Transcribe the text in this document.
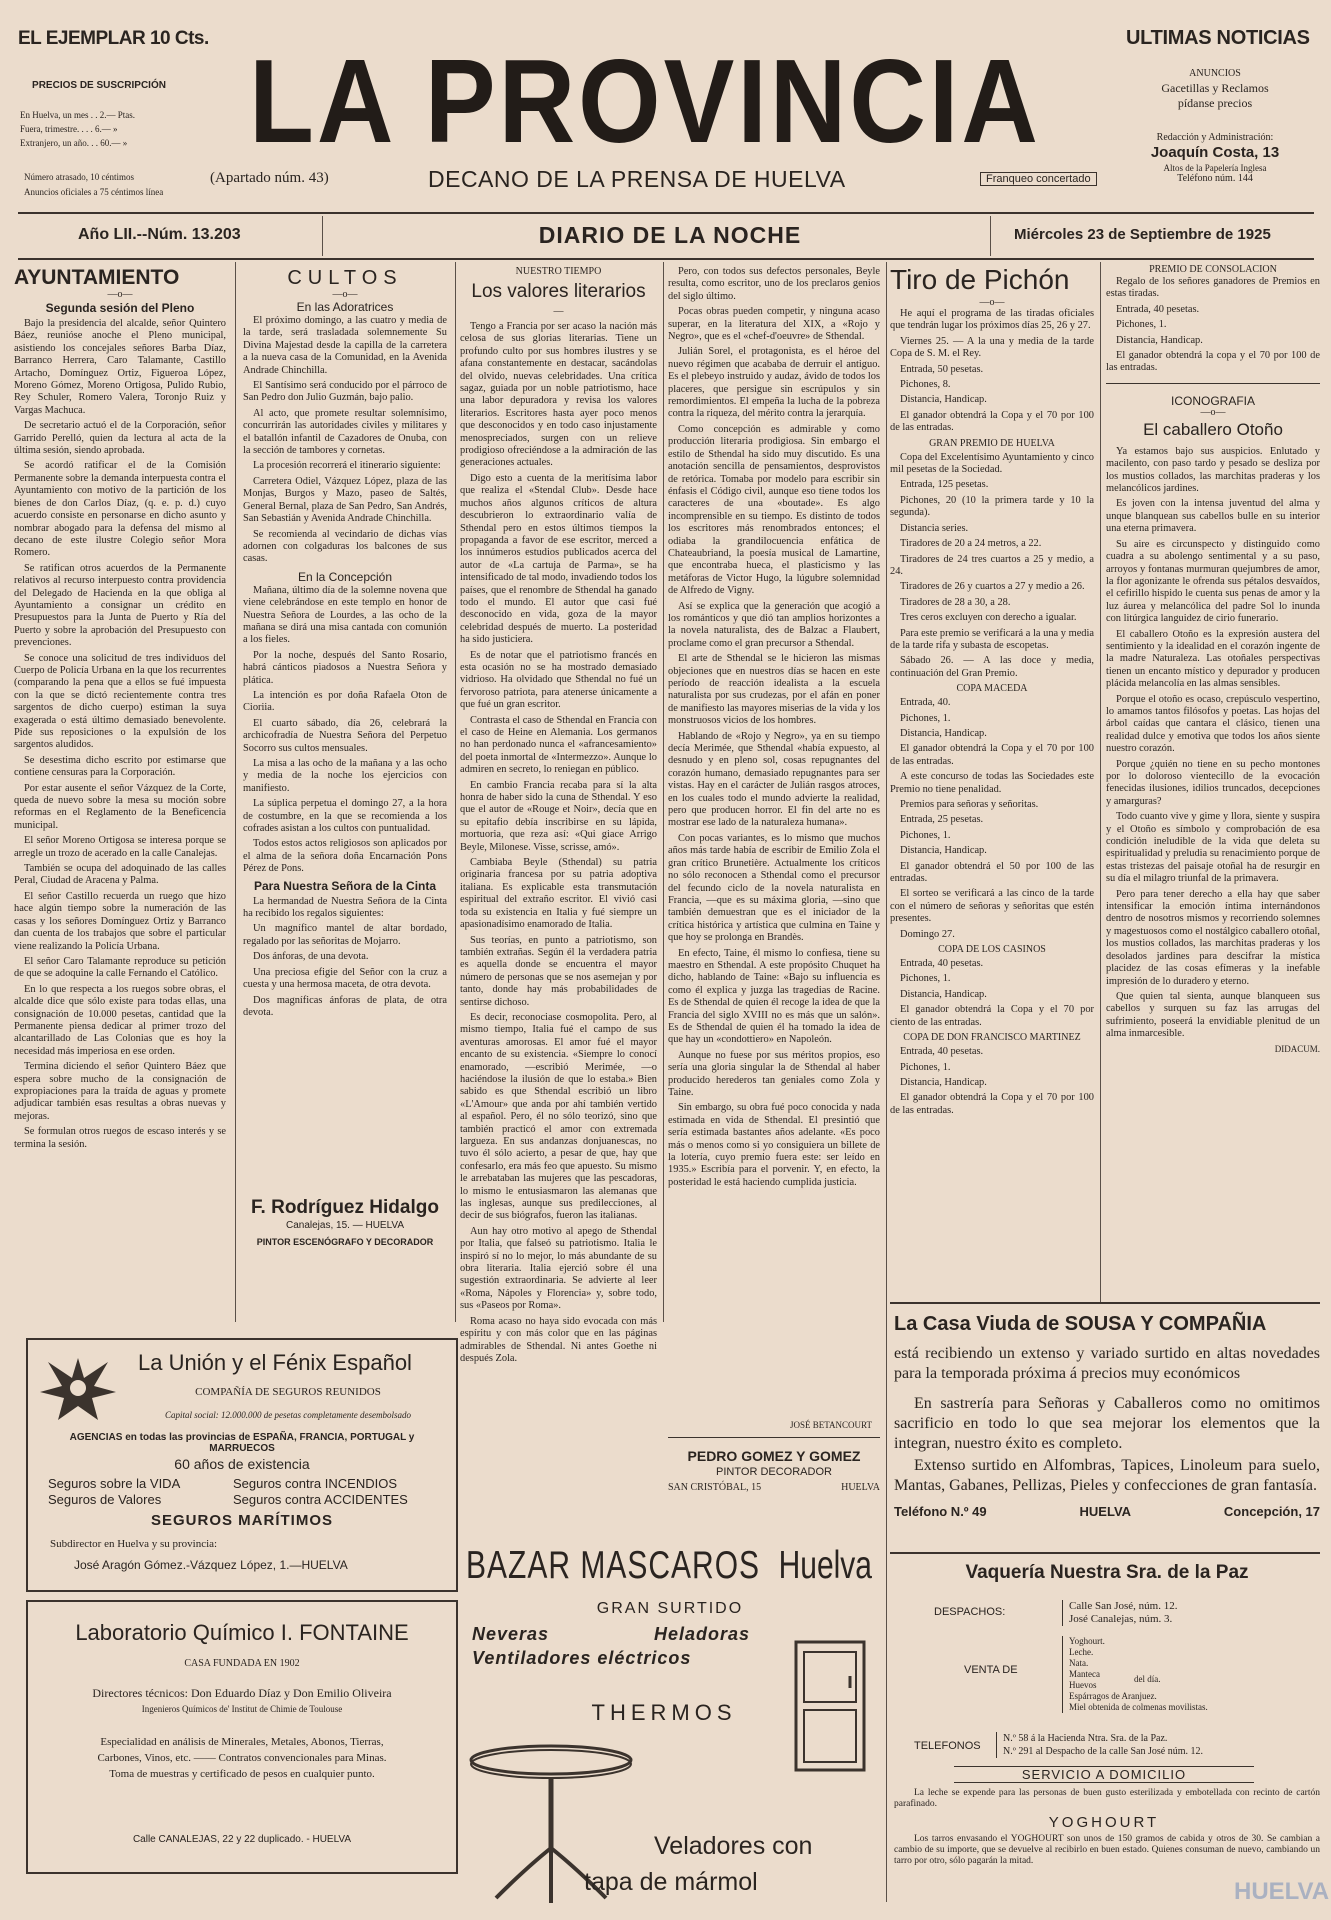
EL EJEMPLAR 10 Cts.
PRECIOS DE SUSCRIPCIÓN
En Huelva, un mes . . 2.— Ptas.
Fuera, trimestre. . . . 6.— »
Extranjero, un año. . . 60.— »
Número atrasado, 10 céntimos
Anuncios oficiales a 75 céntimos línea
LA PROVINCIA
(Apartado núm. 43)	DECANO DE LA PRENSA DE HUELVA	Franqueo concertado
ULTIMAS NOTICIAS
ANUNCIOS
Gacetillas y Reclamos
pídanse precios
Redacción y Administración:
Joaquín Costa, 13
Altos de la Papelería Inglesa
Teléfono núm. 144
Año LII.--Núm. 13.203	DIARIO DE LA NOCHE	Miércoles 23 de Septiembre de 1925
AYUNTAMIENTO
—o—
Segunda sesión del Pleno

Bajo la presidencia del alcalde, señor Quintero Báez, reunióse anoche el Pleno municipal, asistiendo los concejales señores Barba Díaz, Barranco Herrera, Caro Talamante, Castillo Artacho, Domínguez Ortiz, Figueroa López, Moreno Gómez, Moreno Ortigosa, Pulido Rubio, Rey Schuler, Romero Valera, Toronjo Ruiz y Vargas Machuca.

De secretario actuó el de la Corporación, señor Garrido Perelló, quien da lectura al acta de la última sesión, siendo aprobada.

Se acordó ratificar el de la Comisión Permanente sobre la demanda interpuesta contra el Ayuntamiento con motivo de la partición de los bienes de don Carlos Díaz, (q. e. p. d.) cuyo acuerdo consiste en personarse en dicho asunto y nombrar abogado para la defensa del mismo al decano de este ilustre Colegio señor Mora Romero.

Se ratifican otros acuerdos de la Permanente relativos al recurso interpuesto contra providencia del Delegado de Hacienda en la que obliga al Ayuntamiento a consignar un crédito en Presupuestos para la Junta de Puerto y Ría del Puerto y sobre la aprobación del Presupuesto con prevenciones.

Se conoce una solicitud de tres individuos del Cuerpo de Policía Urbana en la que los recurrentes (comparando la pena que a ellos se fué impuesta con la que se dictó recientemente contra tres sargentos de dicho cuerpo) estiman la suya exagerada o está último demasiado benevolente. Pide sus reposiciones o la expulsión de los sargentos aludidos.

Se desestima dicho escrito por estimarse que contiene censuras para la Corporación.

Por estar ausente el señor Vázquez de la Corte, queda de nuevo sobre la mesa su moción sobre reformas en el Reglamento de la Beneficencia municipal.

El señor Moreno Ortigosa se interesa porque se arregle un trozo de acerado en la calle Canalejas.

También se ocupa del adoquinado de las calles Peral, Ciudad de Aracena y Palma.

El señor Castillo recuerda un ruego que hizo hace algún tiempo sobre la numeración de las casas y los señores Domínguez Ortiz y Barranco dan cuenta de los trabajos que sobre el particular viene realizando la Policía Urbana.

El señor Caro Talamante reproduce su petición de que se adoquine la calle Fernando el Católico.

En lo que respecta a los ruegos sobre obras, el alcalde dice que sólo existe para todas ellas, una consignación de 10.000 pesetas, cantidad que la Permanente piensa dedicar al primer trozo del alcantarillado de Las Colonias que es hoy la necesidad más imperiosa en ese orden.

Termina diciendo el señor Quintero Báez que espera sobre mucho de la consignación de expropiaciones para la traída de aguas y promete adjudicar también esas resultas a obras nuevas y mejoras.

Se formulan otros ruegos de escaso interés y se termina la sesión.

CULTOS
—o—
En las Adoratrices

El próximo domingo, a las cuatro y media de la tarde, será trasladada solemnemente Su Divina Majestad desde la capilla de la carretera a la nueva casa de la Comunidad, en la Avenida Andrade Chinchilla.

El Santísimo será conducido por el párroco de San Pedro don Julio Guzmán, bajo palio.

Al acto, que promete resultar solemnísimo, concurrirán las autoridades civiles y militares y el batallón infantil de Cazadores de Onuba, con la sección de tambores y cornetas.

La procesión recorrerá el itinerario siguiente:

Carretera Odiel, Vázquez López, plaza de las Monjas, Burgos y Mazo, paseo de Saltés, General Bernal, plaza de San Pedro, San Andrés, San Sebastián y Avenida Andrade Chinchilla.

Se recomienda al vecindario de dichas vías adornen con colgaduras los balcones de sus casas.

En la Concepción

Mañana, último día de la solemne novena que viene celebrándose en este templo en honor de Nuestra Señora de Lourdes, a las ocho de la mañana se dirá una misa cantada con comunión a los fieles.

Por la noche, después del Santo Rosario, habrá cánticos piadosos a Nuestra Señora y plática.

La intención es por doña Rafaela Oton de Cioriia.

El cuarto sábado, día 26, celebrará la archicofradía de Nuestra Señora del Perpetuo Socorro sus cultos mensuales.

La misa a las ocho de la mañana y a las ocho y media de la noche los ejercicios con manifiesto.

La súplica perpetua el domingo 27, a la hora de costumbre, en la que se recomienda a los cofrades asistan a los cultos con puntualidad.

Todos estos actos religiosos son aplicados por el alma de la señora doña Encarnación Pons Pérez de Pons.

Para Nuestra Señora de la Cinta

La hermandad de Nuestra Señora de la Cinta ha recibido los regalos siguientes:

Un magnífico mantel de altar bordado, regalado por las señoritas de Mojarro.

Dos ánforas, de una devota.

Una preciosa efigie del Señor con la cruz a cuesta y una hermosa maceta, de otra devota.

Dos magníficas ánforas de plata, de otra devota.

F. Rodríguez Hidalgo
Canalejas, 15. — HUELVA
PINTOR ESCENÓGRAFO Y DECORADOR
NUESTRO TIEMPO
Los valores literarios
—

Tengo a Francia por ser acaso la nación más celosa de sus glorias literarias. Tiene un profundo culto por sus hombres ilustres y se afana constantemente en destacar, sacándolas del olvido, nuevas celebridades. Una crítica sagaz, guiada por un noble patriotismo, hace una labor depuradora y revisa los valores literarios. Escritores hasta ayer poco menos que desconocidos y en todo caso injustamente menospreciados, surgen con un relieve prodigioso ofreciéndose a la admiración de las generaciones actuales.

Digo esto a cuenta de la meritísima labor que realiza el «Stendal Club». Desde hace muchos años algunos críticos de altura descubrieron lo extraordinario valía de Sthendal pero en estos últimos tiempos la propaganda a favor de ese escritor, merced a los innúmeros estudios publicados acerca del autor de «La cartuja de Parma», se ha intensificado de tal modo, invadiendo todos los países, que el renombre de Sthendal ha ganado todo el mundo. El autor que casi fué desconocido en vida, goza de la mayor celebridad después de muerto. La posteridad ha sido justiciera.

Es de notar que el patriotismo francés en esta ocasión no se ha mostrado demasiado vidrioso. Ha olvidado que Sthendal no fué un fervoroso patriota, para atenerse únicamente a que fué un gran escritor.

Contrasta el caso de Sthendal en Francia con el caso de Heine en Alemania. Los germanos no han perdonado nunca el «afrancesamiento» del poeta inmortal de «Intermezzo». Aunque lo admiren en secreto, lo reniegan en público.

En cambio Francia recaba para sí la alta honra de haber sido la cuna de Sthendal. Y eso que el autor de «Rouge et Noir», decía que en su epitafio debía inscribirse en su lápida, mortuoria, que reza así: «Qui giace Arrigo Beyle, Milonese. Visse, scrisse, amó».

Cambiaba Beyle (Sthendal) su patria originaria francesa por su patria adoptiva italiana. Es explicable esta transmutación espiritual del extraño escritor. El vivió casi toda su existencia en Italia y fué siempre un apasionadísimo enamorado de Italia.

Sus teorías, en punto a patriotismo, son también extrañas. Según él la verdadera patria es aquella donde se encuentra el mayor número de personas que se nos asemejan y por tanto, donde hay más probabilidades de sentirse dichoso.

Es decir, reconociase cosmopolita. Pero, al mismo tiempo, Italia fué el campo de sus aventuras amorosas. El amor fué el mayor encanto de su existencia. «Siempre lo conocí enamorado, —escribió Merimée, —o haciéndose la ilusión de que lo estaba.» Bien sabido es que Sthendal escribió un libro «L'Amour» que anda por ahí también vertido al español. Pero, él no sólo teorizó, sino que también practicó el amor con extremada largueza. En sus andanzas donjuanescas, no tuvo él sólo acierto, a pesar de que, hay que confesarlo, era más feo que apuesto. Su mismo le arrebataban las mujeres que las pescadoras, lo mismo le entusiasmaron las alemanas que las inglesas, aunque sus predilecciones, al decir de sus biógrafos, fueron las italianas.

Aun hay otro motivo al apego de Sthendal por Italia, que falseó su patriotismo. Italia le inspiró sí no lo mejor, lo más abundante de su obra literaria. Italia ejerció sobre él una sugestión extraordinaria. Se advierte al leer «Roma, Nápoles y Florencia» y, sobre todo, sus «Paseos por Roma».

Roma acaso no haya sido evocada con más espíritu y con más color que en las páginas admirables de Sthendal. Ni antes Goethe ni después Zola.

Pero, con todos sus defectos personales, Beyle resulta, como escritor, uno de los preclaros genios del siglo último.

Pocas obras pueden competir, y ninguna acaso superar, en la literatura del XIX, a «Rojo y Negro», que es el «chef-d'oeuvre» de Sthendal.

Julián Sorel, el protagonista, es el héroe del nuevo régimen que acababa de derruir el antiguo. Es el plebeyo instruido y audaz, ávido de todos los placeres, que persigue sin escrúpulos y sin remordimientos. El empeña la lucha de la pobreza contra la riqueza, del mérito contra la jerarquía.

Como concepción es admirable y como producción literaria prodigiosa. Sin embargo el estilo de Sthendal ha sido muy discutido. Es una anotación sencilla de pensamientos, desprovistos de retórica. Tomaba por modelo para escribir sin énfasis el Código civil, aunque eso tiene todos los caracteres de una «boutade». Es algo incomprensible en su tiempo. Es distinto de todos los escritores más renombrados entonces; el odiaba la grandilocuencia enfática de Chateaubriand, la poesía musical de Lamartine, que encontraba hueca, el plasticismo y las metáforas de Victor Hugo, la lúgubre solemnidad de Alfredo de Vigny.

Así se explica que la generación que acogió a los románticos y que dió tan amplios horizontes a la novela naturalista, des de Balzac a Flaubert, proclame como el gran precursor a Sthendal.

El arte de Sthendal se le hicieron las mismas objeciones que en nuestros días se hacen en este período de reacción idealista a la escuela naturalista por sus crudezas, por el afán en poner de manifiesto las mayores miserias de la vida y los monstruosos vicios de los hombres.

Hablando de «Rojo y Negro», ya en su tiempo decía Merimée, que Sthendal «había expuesto, al desnudo y en pleno sol, cosas repugnantes del corazón humano, demasiado repugnantes para ser vistas. Hay en el carácter de Julián rasgos atroces, en los cuales todo el mundo advierte la realidad, pero que producen horror. El fin del arte no es mostrar ese lado de la naturaleza humana».

Con pocas variantes, es lo mismo que muchos años más tarde había de escribir de Emilio Zola el gran crítico Brunetière. Actualmente los críticos no sólo reconocen a Sthendal como el precursor del fecundo ciclo de la novela naturalista en Francia, —que es su máxima gloria, —sino que también demuestran que es el iniciador de la crítica histórica y artística que culmina en Taine y que hoy se prolonga en Brandès.

En efecto, Taine, él mismo lo confiesa, tiene su maestro en Sthendal. A este propósito Chuquet ha dicho, hablando de Taine: «Bajo su influencia es como él explica y juzga las tragedias de Racine. Es de Sthendal de quien él recoge la idea de que la Francia del siglo XVIII no es más que un salón». Es de Sthendal de quien él ha tomado la idea de que hay un «condottiero» en Napoleón.

Aunque no fuese por sus méritos propios, eso sería una gloria singular la de Sthendal al haber producido herederos tan geniales como Zola y Taine.

Sin embargo, su obra fué poco conocida y nada estimada en vida de Sthendal. El presintió que sería estimada bastantes años adelante. «Es poco más o menos como si yo consiguiera un billete de la lotería, cuyo premio fuera este: ser leído en 1935.» Escribía para el porvenir. Y, en efecto, la posteridad le está haciendo cumplida justicia.

JOSÉ BETANCOURT
PEDRO GOMEZ Y GOMEZ
PINTOR DECORADOR
SAN CRISTÓBAL, 15	HUELVA
Tiro de Pichón
—o—

He aquí el programa de las tiradas oficiales que tendrán lugar los próximos días 25, 26 y 27.

Viernes 25. — A la una y media de la tarde Copa de S. M. el Rey.

Entrada, 50 pesetas.

Pichones, 8.

Distancia, Handicap.

El ganador obtendrá la Copa y el 70 por 100 de las entradas.

GRAN PREMIO DE HUELVA

Copa del Excelentísimo Ayuntamiento y cinco mil pesetas de la Sociedad.

Entrada, 125 pesetas.

Pichones, 20 (10 la primera tarde y 10 la segunda).

Distancia series.

Tiradores de 20 a 24 metros, a 22.

Tiradores de 24 tres cuartos a 25 y medio, a 24.

Tiradores de 26 y cuartos a 27 y medio a 26.

Tiradores de 28 a 30, a 28.

Tres ceros excluyen con derecho a igualar.

Para este premio se verificará a la una y media de la tarde rifa y subasta de escopetas.

Sábado 26. — A las doce y media, continuación del Gran Premio.

COPA MACEDA

Entrada, 40.

Pichones, 1.

Distancia, Handicap.

El ganador obtendrá la Copa y el 70 por 100 de las entradas.

A este concurso de todas las Sociedades este Premio no tiene penalidad.

Premios para señoras y señoritas.

Entrada, 25 pesetas.

Pichones, 1.

Distancia, Handicap.

El ganador obtendrá el 50 por 100 de las entradas.

El sorteo se verificará a las cinco de la tarde con el número de señoras y señoritas que estén presentes.

Domingo 27.

COPA DE LOS CASINOS

Entrada, 40 pesetas.

Pichones, 1.

Distancia, Handicap.

El ganador obtendrá la Copa y el 70 por ciento de las entradas.

COPA DE DON FRANCISCO MARTINEZ

Entrada, 40 pesetas.

Pichones, 1.

Distancia, Handicap.

El ganador obtendrá la Copa y el 70 por 100 de las entradas.

PREMIO DE CONSOLACION

Regalo de los señores ganadores de Premios en estas tiradas.

Entrada, 40 pesetas.

Pichones, 1.

Distancia, Handicap.

El ganador obtendrá la copa y el 70 por 100 de las entradas.

ICONOGRAFIA
—o—
El caballero Otoño

Ya estamos bajo sus auspicios. Enlutado y macilento, con paso tardo y pesado se desliza por los mustios collados, las marchitas praderas y los melancólicos jardines.

Es joven con la intensa juventud del alma y unque blanquean sus cabellos bulle en su interior una eterna primavera.

Su aire es circunspecto y distinguido como cuadra a su abolengo sentimental y a su paso, arroyos y fontanas murmuran quejumbres de amor, la flor agonizante le ofrenda sus pétalos desvaídos, el cefirillo hispido le cuenta sus penas de amor y la luz áurea y melancólica del padre Sol lo inunda con litúrgica languidez de cirio funerario.

El caballero Otoño es la expresión austera del sentimiento y la idealidad en el corazón ingente de la madre Naturaleza. Las otoñales perspectivas tienen un encanto místico y depurador y producen plácida melancolía en las almas sensibles.

Porque el otoño es ocaso, crepúsculo vespertino, lo amamos tantos filósofos y poetas. Las hojas del árbol caídas que cantara el clásico, tienen una realidad dulce y emotiva que todos los años siente nuestro corazón.

Porque ¿quién no tiene en su pecho montones por lo doloroso vientecillo de la evocación fenecidas ilusiones, idilios truncados, decepciones y amarguras?

Todo cuanto vive y gime y llora, siente y suspira y el Otoño es símbolo y comprobación de esa condición ineludible de la vida que deleta su espiritualidad y preludia su renacimiento porque de estas tristezas del paisaje otoñal ha de resurgir en su día el milagro triunfal de la primavera.

Pero para tener derecho a ella hay que saber intensificar la emoción íntima internándonos dentro de nosotros mismos y recorriendo solemnes y magestuosos como el nostálgico caballero otoñal, los mustios collados, las marchitas praderas y los desolados jardines para descifrar la mística placidez de las cosas efímeras y la inefable impresión de lo duradero y eterno.

Que quien tal sienta, aunque blanqueen sus cabellos y surquen su faz las arrugas del sufrimiento, poseerá la envidiable plenitud de un alma inmarcesible.

DIDACUM.
La Unión y el Fénix Español
COMPAÑÍA DE SEGUROS REUNIDOS
Capital social: 12.000.000 de pesetas completamente desembolsado
AGENCIAS en todas las provincias de ESPAÑA, FRANCIA, PORTUGAL y MARRUECOS
60 años de existencia
Seguros sobre la VIDA
Seguros de Valores
Seguros contra INCENDIOS
Seguros contra ACCIDENTES
SEGUROS MARÍTIMOS
Subdirector en Huelva y su provincia:
José Aragón Gómez.-Vázquez López, 1.—HUELVA
Laboratorio Químico I. FONTAINE
CASA FUNDADA EN 1902
Directores técnicos: Don Eduardo Díaz y Don Emilio Oliveira
Ingenieros Químicos de' Institut de Chimie de Toulouse
Especialidad en análisis de Minerales, Metales, Abonos, Tierras,
Carbones, Vinos, etc. —— Contratos convencionales para Minas.
Toma de muestras y certificado de pesos en cualquier punto.
Calle CANALEJAS, 22 y 22 duplicado. - HUELVA
BAZAR MASCAROS Huelva
GRAN SURTIDO
Neveras	Heladoras
Ventiladores eléctricos
THERMOS
Veladores con
tapa de mármol
La Casa Viuda de SOUSA Y COMPAÑIA
está recibiendo un extenso y variado surtido en altas novedades para la temporada próxima á precios muy económicos
En sastrería para Señoras y Caballeros como no omitimos sacrificio en todo lo que sea mejorar los elementos que la integran, nuestro éxito es completo.
Extenso surtido en Alfombras, Tapices, Linoleum para suelo, Mantas, Gabanes, Pellizas, Pieles y confecciones de gran fantasía.
Teléfono N.º 49	HUELVA	Concepción, 17
Vaquería Nuestra Sra. de la Paz
DESPACHOS:	Calle San José, núm. 12.
José Canalejas, núm. 3.
VENTA DE
Yoghourt.
Leche.
Nata.
Manteca
Huevos
Espárragos de Aranjuez.
Miel obtenida de colmenas movilistas.
del día.
TELEFONOS
N.º 58 á la Hacienda Ntra. Sra. de la Paz.
N.º 291 al Despacho de la calle San José núm. 12.
SERVICIO A DOMICILIO
La leche se expende para las personas de buen gusto esterilizada y embotellada con recinto de cartón parafinado.
YOGHOURT
Los tarros envasando el YOGHOURT son unos de 150 gramos de cabida y otros de 30. Se cambian a cambio de su importe, que se devuelve al recibirlo en buen estado. Quienes consuman de nuevo, cambiando un tarro por otro, sólo pagarán la mitad.
HUELVA
